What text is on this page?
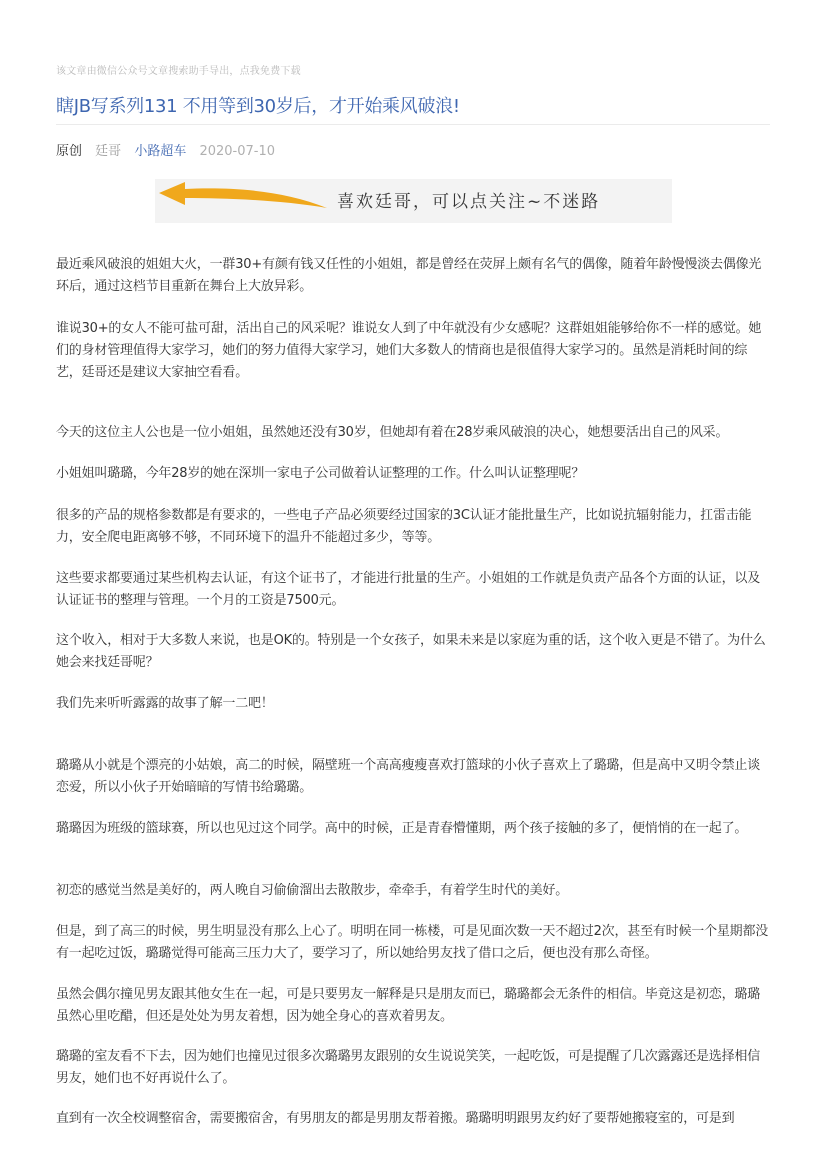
该文章由微信公众号文章搜索助手导出，点我免费下载
瞎JB写系列131 不用等到30岁后，才开始乘风破浪!
原创 廷哥 小路超车 2020-07-10
喜欢廷哥，可以点关注~不迷路

最近乘风破浪的姐姐大火，一群30+有颜有钱又任性的小姐姐，都是曾经在荧屏上颇有名气的偶像，随着年龄慢慢淡去偶像光环后，通过这档节目重新在舞台上大放异彩。

谁说30+的女人不能可盐可甜，活出自己的风采呢？谁说女人到了中年就没有少女感呢？这群姐姐能够给你不一样的感觉。她们的身材管理值得大家学习，她们的努力值得大家学习，她们大多数人的情商也是很值得大家学习的。虽然是消耗时间的综艺，廷哥还是建议大家抽空看看。

今天的这位主人公也是一位小姐姐，虽然她还没有30岁，但她却有着在28岁乘风破浪的决心，她想要活出自己的风采。

小姐姐叫璐璐，今年28岁的她在深圳一家电子公司做着认证整理的工作。什么叫认证整理呢？

很多的产品的规格参数都是有要求的，一些电子产品必须要经过国家的3C认证才能批量生产，比如说抗辐射能力，扛雷击能力，安全爬电距离够不够，不同环境下的温升不能超过多少，等等。

这些要求都要通过某些机构去认证，有这个证书了，才能进行批量的生产。小姐姐的工作就是负责产品各个方面的认证，以及认证证书的整理与管理。一个月的工资是7500元。

这个收入，相对于大多数人来说，也是OK的。特别是一个女孩子，如果未来是以家庭为重的话，这个收入更是不错了。为什么她会来找廷哥呢？

我们先来听听露露的故事了解一二吧！

璐璐从小就是个漂亮的小姑娘，高二的时候，隔壁班一个高高瘦瘦喜欢打篮球的小伙子喜欢上了璐璐，但是高中又明令禁止谈恋爱，所以小伙子开始暗暗的写情书给璐璐。

璐璐因为班级的篮球赛，所以也见过这个同学。高中的时候，正是青春懵懂期，两个孩子接触的多了，便悄悄的在一起了。

初恋的感觉当然是美好的，两人晚自习偷偷溜出去散散步，牵牵手，有着学生时代的美好。

但是，到了高三的时候，男生明显没有那么上心了。明明在同一栋楼，可是见面次数一天不超过2次，甚至有时候一个星期都没有一起吃过饭，璐璐觉得可能高三压力大了，要学习了，所以她给男友找了借口之后，便也没有那么奇怪。

虽然会偶尔撞见男友跟其他女生在一起，可是只要男友一解释是只是朋友而已，璐璐都会无条件的相信。毕竟这是初恋，璐璐虽然心里吃醋，但还是处处为男友着想，因为她全身心的喜欢着男友。

璐璐的室友看不下去，因为她们也撞见过很多次璐璐男友跟别的女生说说笑笑，一起吃饭，可是提醒了几次露露还是选择相信男友，她们也不好再说什么了。

直到有一次全校调整宿舍，需要搬宿舍，有男朋友的都是男朋友帮着搬。璐璐明明跟男友约好了要帮她搬寝室的，可是到
